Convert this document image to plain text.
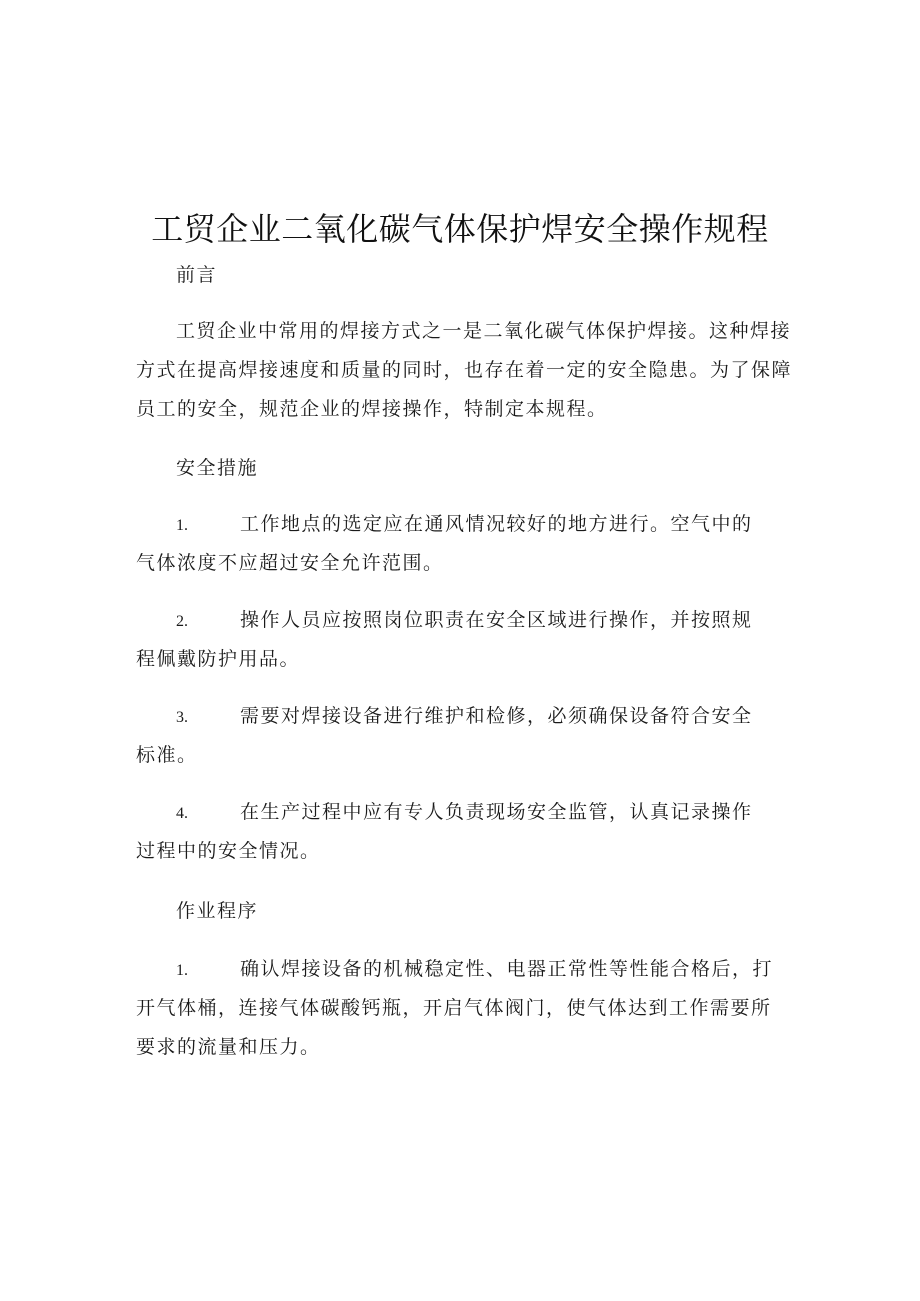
工贸企业二氧化碳气体保护焊安全操作规程
前言
工贸企业中常用的焊接方式之一是二氧化碳气体保护焊接。这种焊接
方式在提高焊接速度和质量的同时，也存在着一定的安全隐患。为了保障
员工的安全，规范企业的焊接操作，特制定本规程。
安全措施
1.	工作地点的选定应在通风情况较好的地方进行。空气中的
气体浓度不应超过安全允许范围。
2.	操作人员应按照岗位职责在安全区域进行操作，并按照规
程佩戴防护用品。
3.	需要对焊接设备进行维护和检修，必须确保设备符合安全
标准。
4.	在生产过程中应有专人负责现场安全监管，认真记录操作
过程中的安全情况。
作业程序
1.	确认焊接设备的机械稳定性、电器正常性等性能合格后，打
开气体桶，连接气体碳酸钙瓶，开启气体阀门，使气体达到工作需要所
要求的流量和压力。
